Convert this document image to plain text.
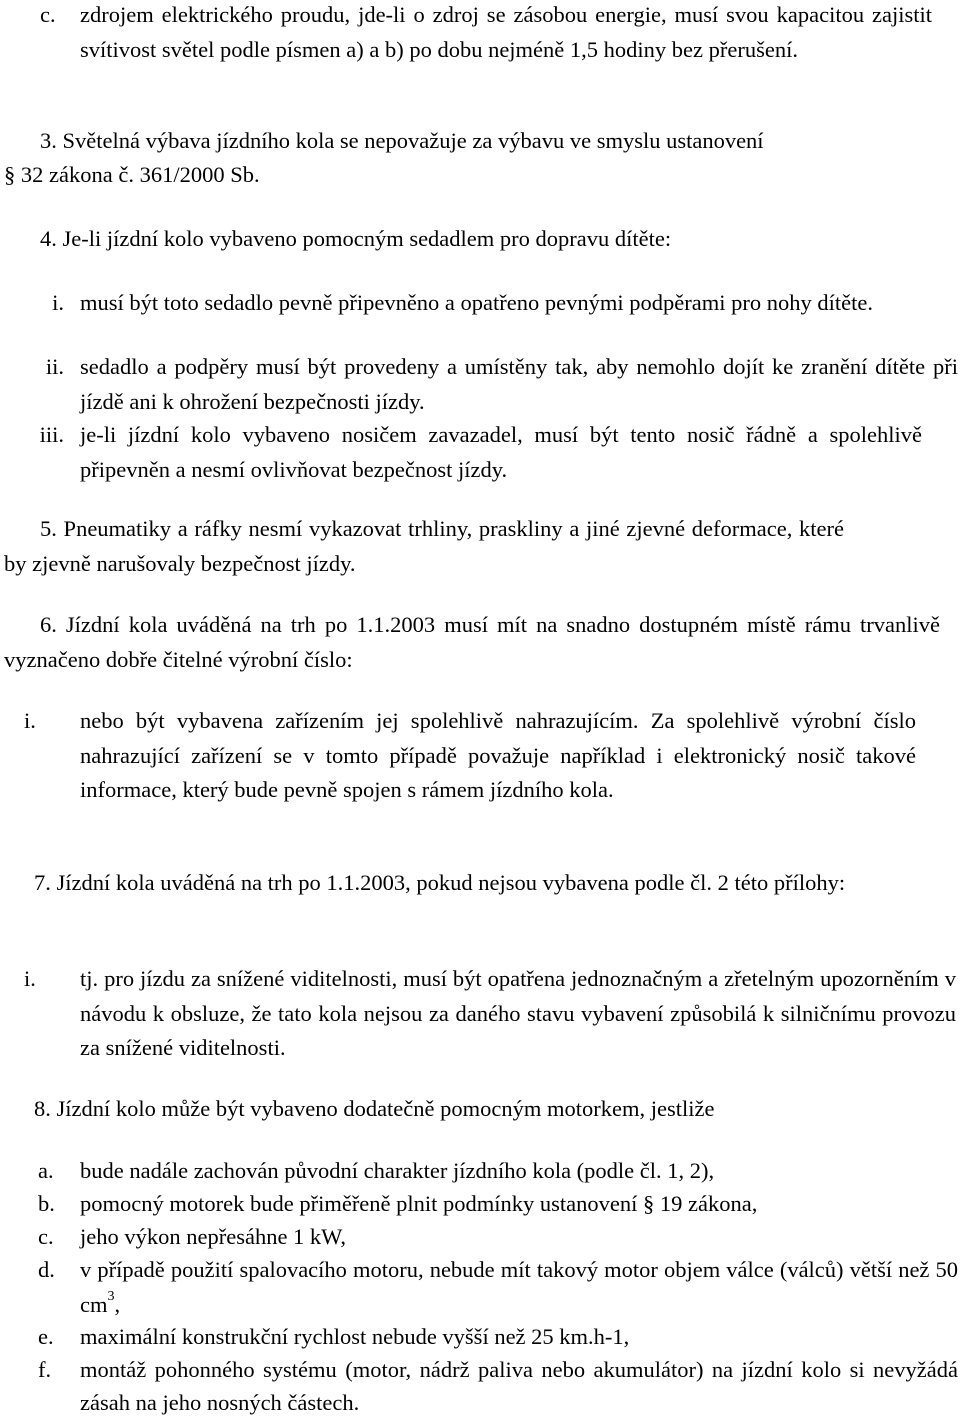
c. zdrojem elektrického proudu, jde-li o zdroj se zásobou energie, musí svou kapacitou zajistit svítivost světel podle písmen a) a b) po dobu nejméně 1,5 hodiny bez přerušení.
3. Světelná výbava jízdního kola se nepovažuje za výbavu ve smyslu ustanovení
§ 32 zákona č. 361/2000 Sb.
4. Je-li jízdní kolo vybaveno pomocným sedadlem pro dopravu dítěte:
i. musí být toto sedadlo pevně připevněno a opatřeno pevnými podpěrami pro nohy dítěte.
ii. sedadlo a podpěry musí být provedeny a umístěny tak, aby nemohlo dojít ke zranění dítěte při jízdě ani k ohrožení bezpečnosti jízdy.
iii. je-li jízdní kolo vybaveno nosičem zavazadel, musí být tento nosič řádně a spolehlivě připevněn a nesmí ovlivňovat bezpečnost jízdy.
5. Pneumatiky a ráfky nesmí vykazovat trhliny, praskliny a jiné zjevné deformace, které by zjevně narušovaly bezpečnost jízdy.
6. Jízdní kola uváděná na trh po 1.1.2003 musí mít na snadno dostupném místě rámu trvanlivě vyznačeno dobře čitelné výrobní číslo:
i. nebo být vybavena zařízením jej spolehlivě nahrazujícím. Za spolehlivě výrobní číslo nahrazující zařízení se v tomto případě považuje například i elektronický nosič takové informace, který bude pevně spojen s rámem jízdního kola.
7. Jízdní kola uváděná na trh po 1.1.2003, pokud nejsou vybavena podle čl. 2 této přílohy:
i. tj. pro jízdu za snížené viditelnosti, musí být opatřena jednoznačným a zřetelným upozorněním v návodu k obsluze, že tato kola nejsou za daného stavu vybavení způsobilá k silničnímu provozu za snížené viditelnosti.
8. Jízdní kolo může být vybaveno dodatečně pomocným motorkem, jestliže
a. bude nadále zachován původní charakter jízdního kola (podle čl. 1, 2),
b. pomocný motorek bude přiměřeně plnit podmínky ustanovení § 19 zákona,
c. jeho výkon nepřesáhne 1 kW,
d. v případě použití spalovacího motoru, nebude mít takový motor objem válce (válců) větší než 50 $cm^3$,
e. maximální konstrukční rychlost nebude vyšší než 25 km.h-1,
f. montáž pohonného systému (motor, nádrž paliva nebo akumulátor) na jízdní kolo si nevyžádá zásah na jeho nosných částech.
